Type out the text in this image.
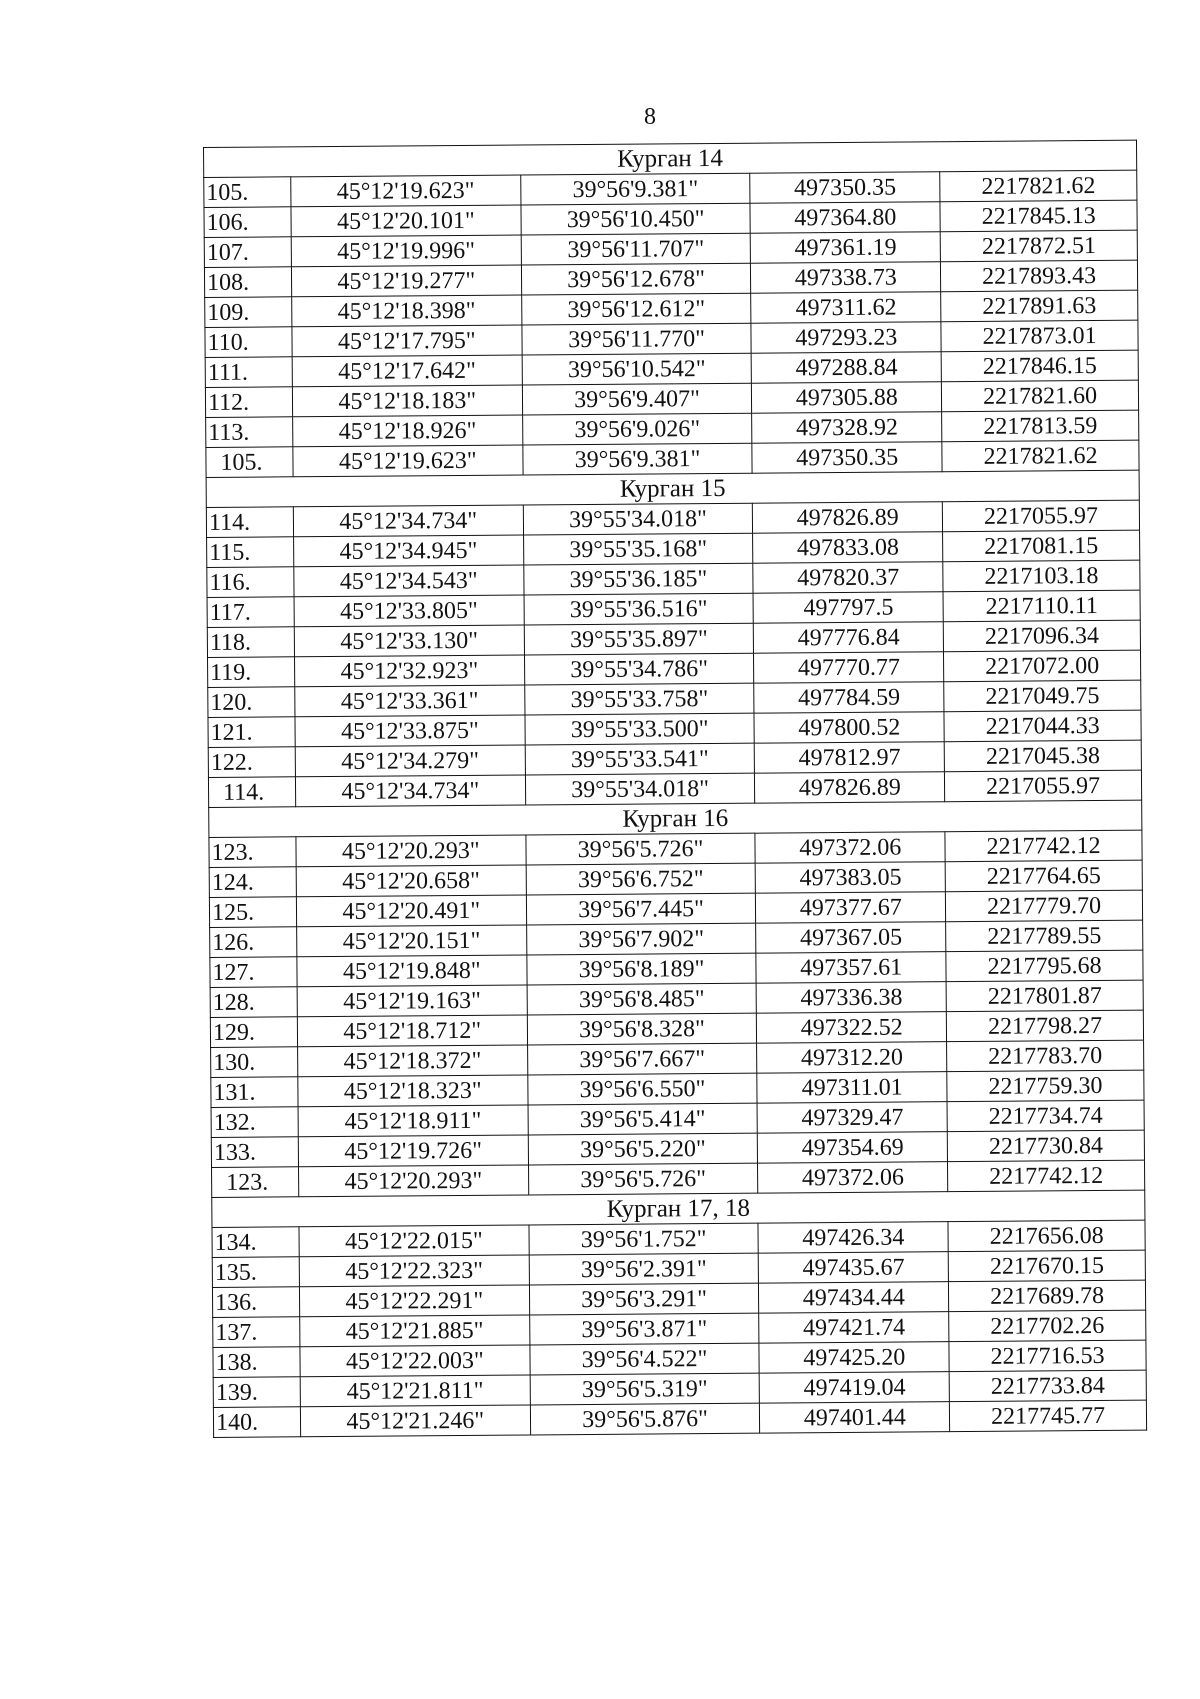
8
Курган 14				
105.	45°12'19.623"	39°56'9.381"	497350.35	2217821.62
106.	45°12'20.101"	39°56'10.450"	497364.80	2217845.13
107.	45°12'19.996"	39°56'11.707"	497361.19	2217872.51
108.	45°12'19.277"	39°56'12.678"	497338.73	2217893.43
109.	45°12'18.398"	39°56'12.612"	497311.62	2217891.63
110.	45°12'17.795"	39°56'11.770"	497293.23	2217873.01
111.	45°12'17.642"	39°56'10.542"	497288.84	2217846.15
112.	45°12'18.183"	39°56'9.407"	497305.88	2217821.60
113.	45°12'18.926"	39°56'9.026"	497328.92	2217813.59
105.	45°12'19.623"	39°56'9.381"	497350.35	2217821.62
Курган 15				
114.	45°12'34.734"	39°55'34.018"	497826.89	2217055.97
115.	45°12'34.945"	39°55'35.168"	497833.08	2217081.15
116.	45°12'34.543"	39°55'36.185"	497820.37	2217103.18
117.	45°12'33.805"	39°55'36.516"	497797.5	2217110.11
118.	45°12'33.130"	39°55'35.897"	497776.84	2217096.34
119.	45°12'32.923"	39°55'34.786"	497770.77	2217072.00
120.	45°12'33.361"	39°55'33.758"	497784.59	2217049.75
121.	45°12'33.875"	39°55'33.500"	497800.52	2217044.33
122.	45°12'34.279"	39°55'33.541"	497812.97	2217045.38
114.	45°12'34.734"	39°55'34.018"	497826.89	2217055.97
Курган 16				
123.	45°12'20.293"	39°56'5.726"	497372.06	2217742.12
124.	45°12'20.658"	39°56'6.752"	497383.05	2217764.65
125.	45°12'20.491"	39°56'7.445"	497377.67	2217779.70
126.	45°12'20.151"	39°56'7.902"	497367.05	2217789.55
127.	45°12'19.848"	39°56'8.189"	497357.61	2217795.68
128.	45°12'19.163"	39°56'8.485"	497336.38	2217801.87
129.	45°12'18.712"	39°56'8.328"	497322.52	2217798.27
130.	45°12'18.372"	39°56'7.667"	497312.20	2217783.70
131.	45°12'18.323"	39°56'6.550"	497311.01	2217759.30
132.	45°12'18.911"	39°56'5.414"	497329.47	2217734.74
133.	45°12'19.726"	39°56'5.220"	497354.69	2217730.84
123.	45°12'20.293"	39°56'5.726"	497372.06	2217742.12
Курган 17, 18				
134.	45°12'22.015"	39°56'1.752"	497426.34	2217656.08
135.	45°12'22.323"	39°56'2.391"	497435.67	2217670.15
136.	45°12'22.291"	39°56'3.291"	497434.44	2217689.78
137.	45°12'21.885"	39°56'3.871"	497421.74	2217702.26
138.	45°12'22.003"	39°56'4.522"	497425.20	2217716.53
139.	45°12'21.811"	39°56'5.319"	497419.04	2217733.84
140.	45°12'21.246"	39°56'5.876"	497401.44	2217745.77
